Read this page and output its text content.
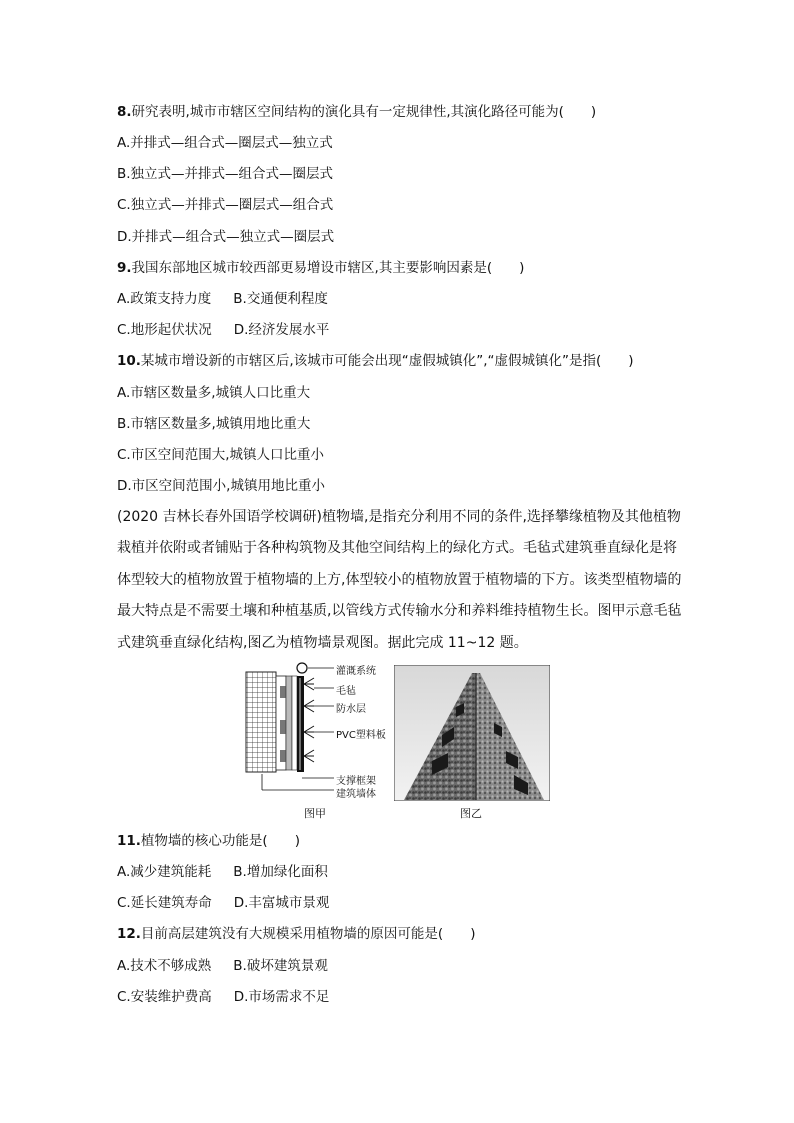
8.研究表明,城市市辖区空间结构的演化具有一定规律性,其演化路径可能为(　　)
A.并排式—组合式—圈层式—独立式
B.独立式—并排式—组合式—圈层式
C.独立式—并排式—圈层式—组合式
D.并排式—组合式—独立式—圈层式
9.我国东部地区城市较西部更易增设市辖区,其主要影响因素是(　　)
A.政策支持力度 B.交通便利程度
C.地形起伏状况 D.经济发展水平
10.某城市增设新的市辖区后,该城市可能会出现“虚假城镇化”,“虚假城镇化”是指(　　)
A.市辖区数量多,城镇人口比重大
B.市辖区数量多,城镇用地比重大
C.市区空间范围大,城镇人口比重小
D.市区空间范围小,城镇用地比重小
(2020 吉林长春外国语学校调研)植物墙,是指充分利用不同的条件,选择攀缘植物及其他植物栽植并依附或者铺贴于各种构筑物及其他空间结构上的绿化方式。毛毡式建筑垂直绿化是将体型较大的植物放置于植物墙的上方,体型较小的植物放置于植物墙的下方。该类型植物墙的最大特点是不需要土壤和种植基质,以管线方式传输水分和养料维持植物生长。图甲示意毛毡式建筑垂直绿化结构,图乙为植物墙景观图。据此完成 11~12 题。
灌溉系统
毛毡
防水层
PVC塑料板
支撑框架
建筑墙体
图甲	图乙
11.植物墙的核心功能是(　　)
A.减少建筑能耗 B.增加绿化面积
C.延长建筑寿命 D.丰富城市景观
12.目前高层建筑没有大规模采用植物墙的原因可能是(　　)
A.技术不够成熟 B.破坏建筑景观
C.安装维护费高 D.市场需求不足
